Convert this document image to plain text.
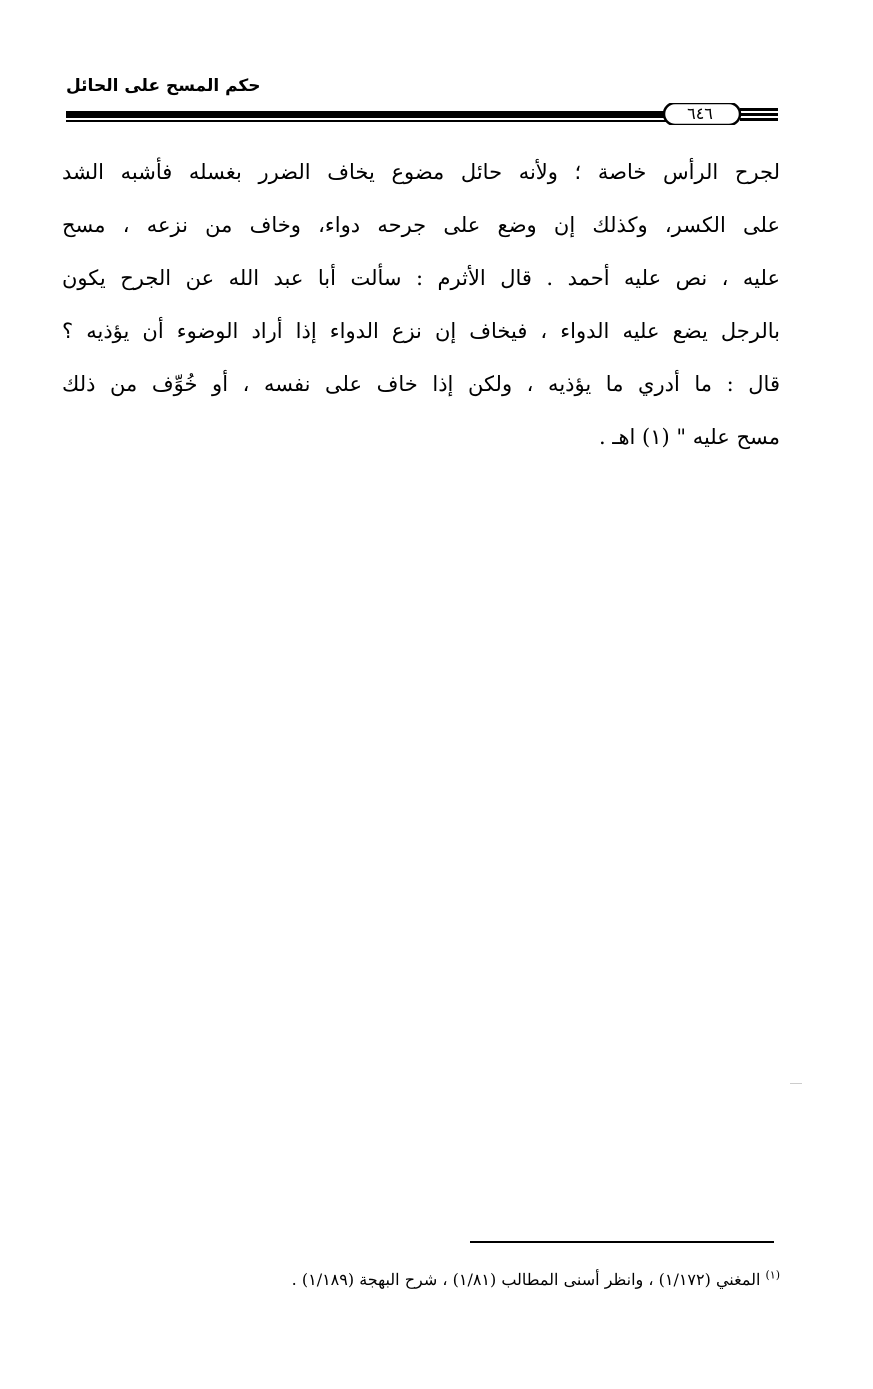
حكم المسح على الحائل
٦٤٦
لجرح الرأس خاصة ؛ ولأنه حائل مضوع يخاف الضرر بغسله فأشبه الشد
على الكسر، وكذلك إن وضع على جرحه دواء، وخاف من نزعه ، مسح
عليه ، نص عليه أحمد . قال الأثرم : سألت أبا عبد الله عن الجرح يكون
بالرجل يضع عليه الدواء ، فيخاف إن نزع الدواء إذا أراد الوضوء أن يؤذيه ؟
قال : ما أدري ما يؤذيه ، ولكن إذا خاف على نفسه ، أو خُوِّف من ذلك
مسح عليه " (١) اهـ .
$^{(١)}$ المغني (١/١٧٢) ، وانظر أسنى المطالب (١/٨١) ، شرح البهجة (١/١٨٩) .
